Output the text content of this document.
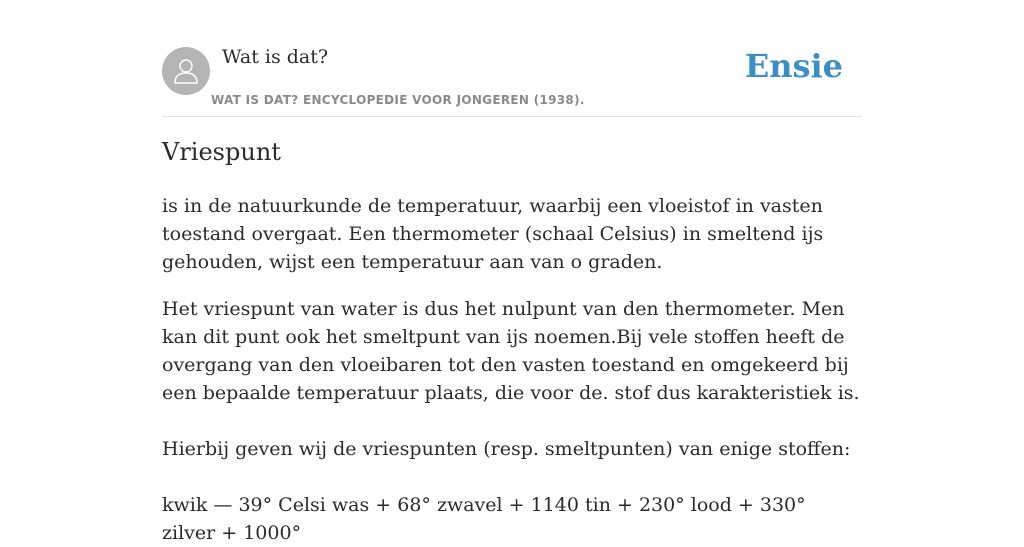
Wat is dat?
WAT IS DAT? ENCYCLOPEDIE VOOR JONGEREN (1938).
Ensie
Vriespunt

is in de natuurkunde de temperatuur, waarbij een vloeistof in vasten toestand overgaat. Een thermometer (schaal Celsius) in smeltend ijs gehouden, wijst een temperatuur aan van o graden.

Het vriespunt van water is dus het nulpunt van den thermometer. Men kan dit punt ook het smeltpunt van ijs noemen.Bij vele stoffen heeft de overgang van den vloeibaren tot den vasten toestand en omgekeerd bij een bepaalde temperatuur plaats, die voor de. stof dus karakteristiek is.

Hierbij geven wij de vriespunten (resp. smeltpunten) van enige stoffen:

kwik — 39° Celsi was + 68° zwavel + 1140 tin + 230° lood + 330° zilver + 1000°
